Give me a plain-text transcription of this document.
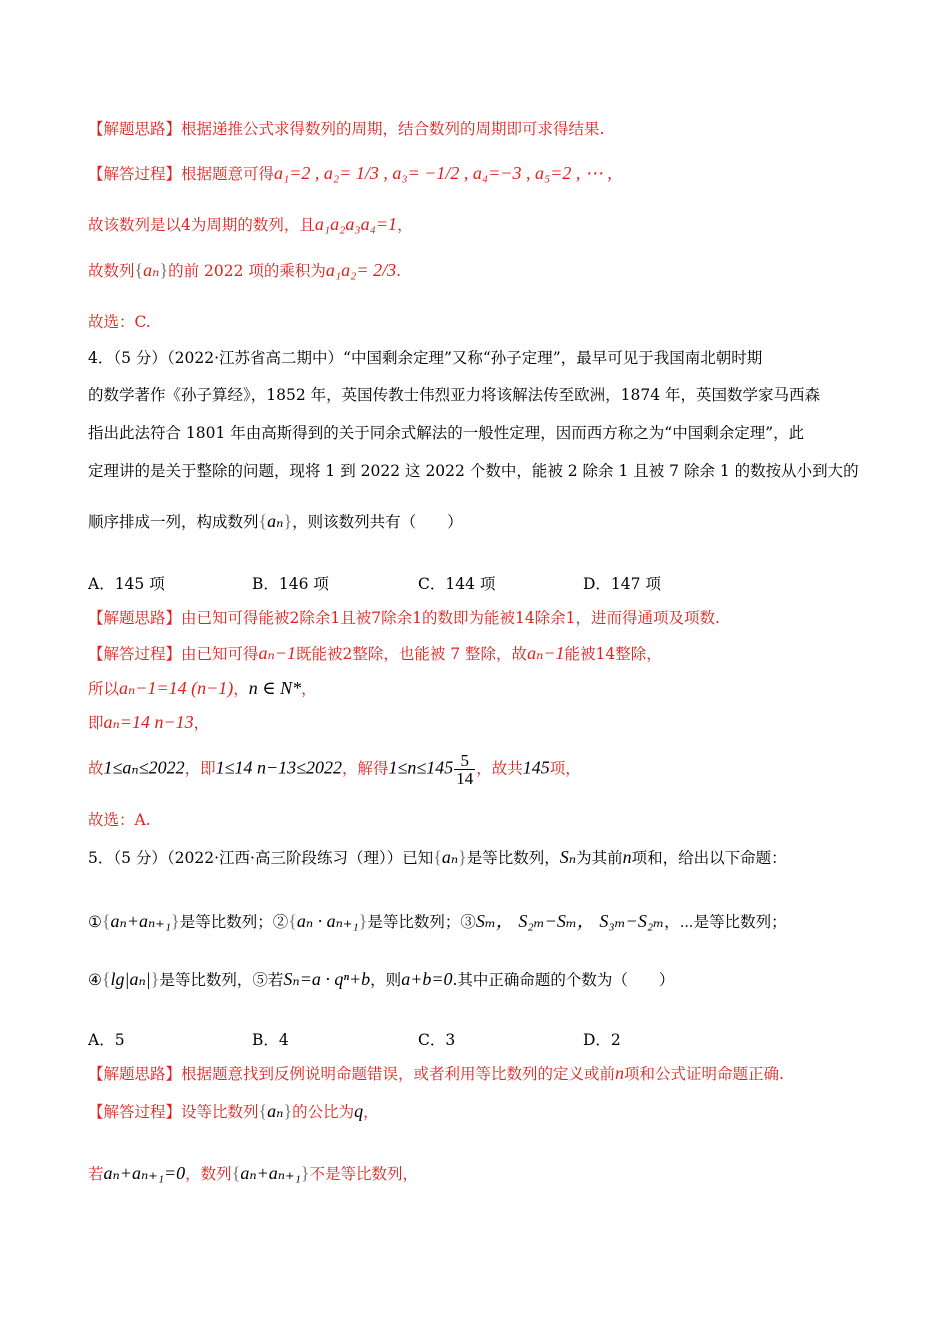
【解题思路】根据递推公式求得数列的周期，结合数列的周期即可求得结果.
【解答过程】根据题意可得a₁=2 , a₂= 1/3 , a₃= −1/2 , a₄=−3 , a₅=2 , ⋯ ,
故该数列是以4为周期的数列，且a₁a₂a₃a₄=1，
故数列{aₙ}的前 2022 项的乘积为a₁a₂= 2/3.
故选：C.
4．（5 分）（2022·江苏省高二期中）“中国剩余定理”又称“孙子定理”，最早可见于我国南北朝时期
的数学著作《孙子算经》，1852 年，英国传教士伟烈亚力将该解法传至欧洲，1874 年，英国数学家马西森
指出此法符合 1801 年由高斯得到的关于同余式解法的一般性定理，因而西方称之为“中国剩余定理”，此
定理讲的是关于整除的问题，现将 1 到 2022 这 2022 个数中，能被 2 除余 1 且被 7 除余 1 的数按从小到大的
顺序排成一列，构成数列{aₙ}，则该数列共有（　　）
A．145 项	B．146 项	C．144 项	D．147 项
【解题思路】由已知可得能被2除余1且被7除余1的数即为能被14除余1，进而得通项及项数.
【解答过程】由已知可得aₙ−1既能被2整除，也能被 7 整除，故aₙ−1能被14整除，
所以aₙ−1=14 (n−1)，n ∈ N*，
即aₙ=14 n−13，
故1≤aₙ≤2022，即1≤14 n−13≤2022，解得$1\le n\le 145 \frac{5}{14}$ ，故共145项，
故选：A.
5．（5 分）（2022·江西·高三阶段练习（理））已知{aₙ}是等比数列，Sₙ为其前n项和，给出以下命题：
①{aₙ+aₙ₊₁}是等比数列；②{aₙ · aₙ₊₁}是等比数列；③Sₘ， S₂ₘ−Sₘ， S₃ₘ−S₂ₘ，⋯是等比数列；
④{lg|aₙ|}是等比数列，⑤若Sₙ=a · qⁿ+b，则a+b=0.其中正确命题的个数为（　　）
A．5	B．4	C．3	D．2
【解题思路】根据题意找到反例说明命题错误，或者利用等比数列的定义或前n项和公式证明命题正确.
【解答过程】设等比数列{aₙ}的公比为q，
若aₙ+aₙ₊₁=0，数列{aₙ+aₙ₊₁}不是等比数列，
